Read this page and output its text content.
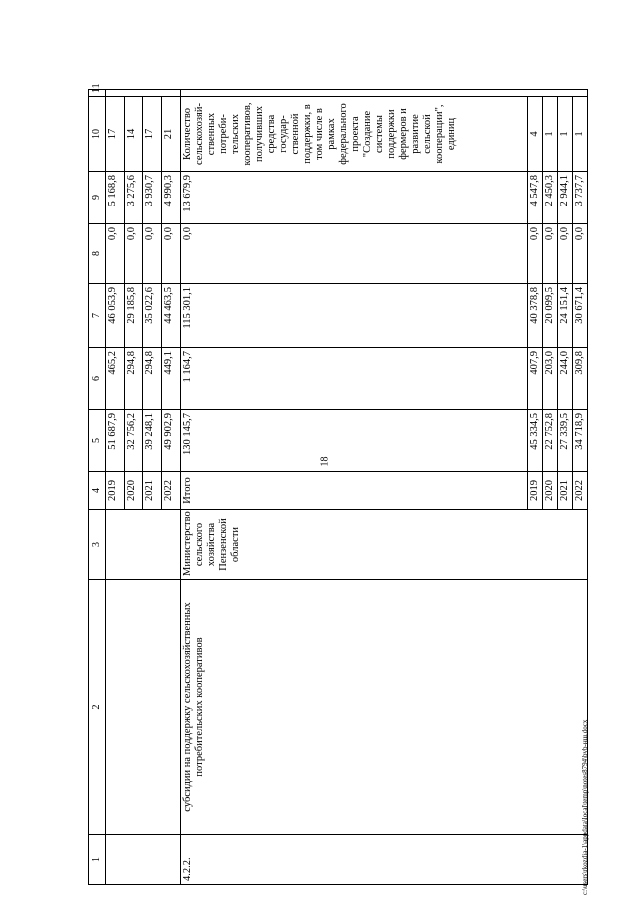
18
c:\users\rkozdia-1\appdata\local\temp\notes8794\bvb-нш.docx
1	2	3	4	5	6	7	8	9	10	11
			2019	51 687,9	465,2	46 053,9	0,0	5 168,8	17	
			2020	32 756,2	294,8	29 185,8	0,0	3 275,6	14	
			2021	39 248,1	294,8	35 022,6	0,0	3 930,7	17	
			2022	49 902,9	449,1	44 463,5	0,0	4 990,3	21	
4.2.2.	субсидии на поддержку сельскохозяйственных потребительских кооперативов	Министерство сельского хозяйства Пензенской области	Итого	130 145,7	1 164,7	115 301,1	0,0	13 679,9	Количество сельскохозяй-ственных потреби-тельских кооперативов, получивших средства государ-ственной поддержки, в том числе в рамках федерального проекта "Создание системы поддержки фермеров и развитие сельской кооперации", единиц	
			2019	45 334,5	407,9	40 378,8	0,0	4 547,8	4	
			2020	22 752,8	203,0	20 099,5	0,0	2 450,3	1	
			2021	27 339,5	244,0	24 151,4	0,0	2 944,1	1	
			2022	34 718,9	309,8	30 671,4	0,0	3 737,7	1	
